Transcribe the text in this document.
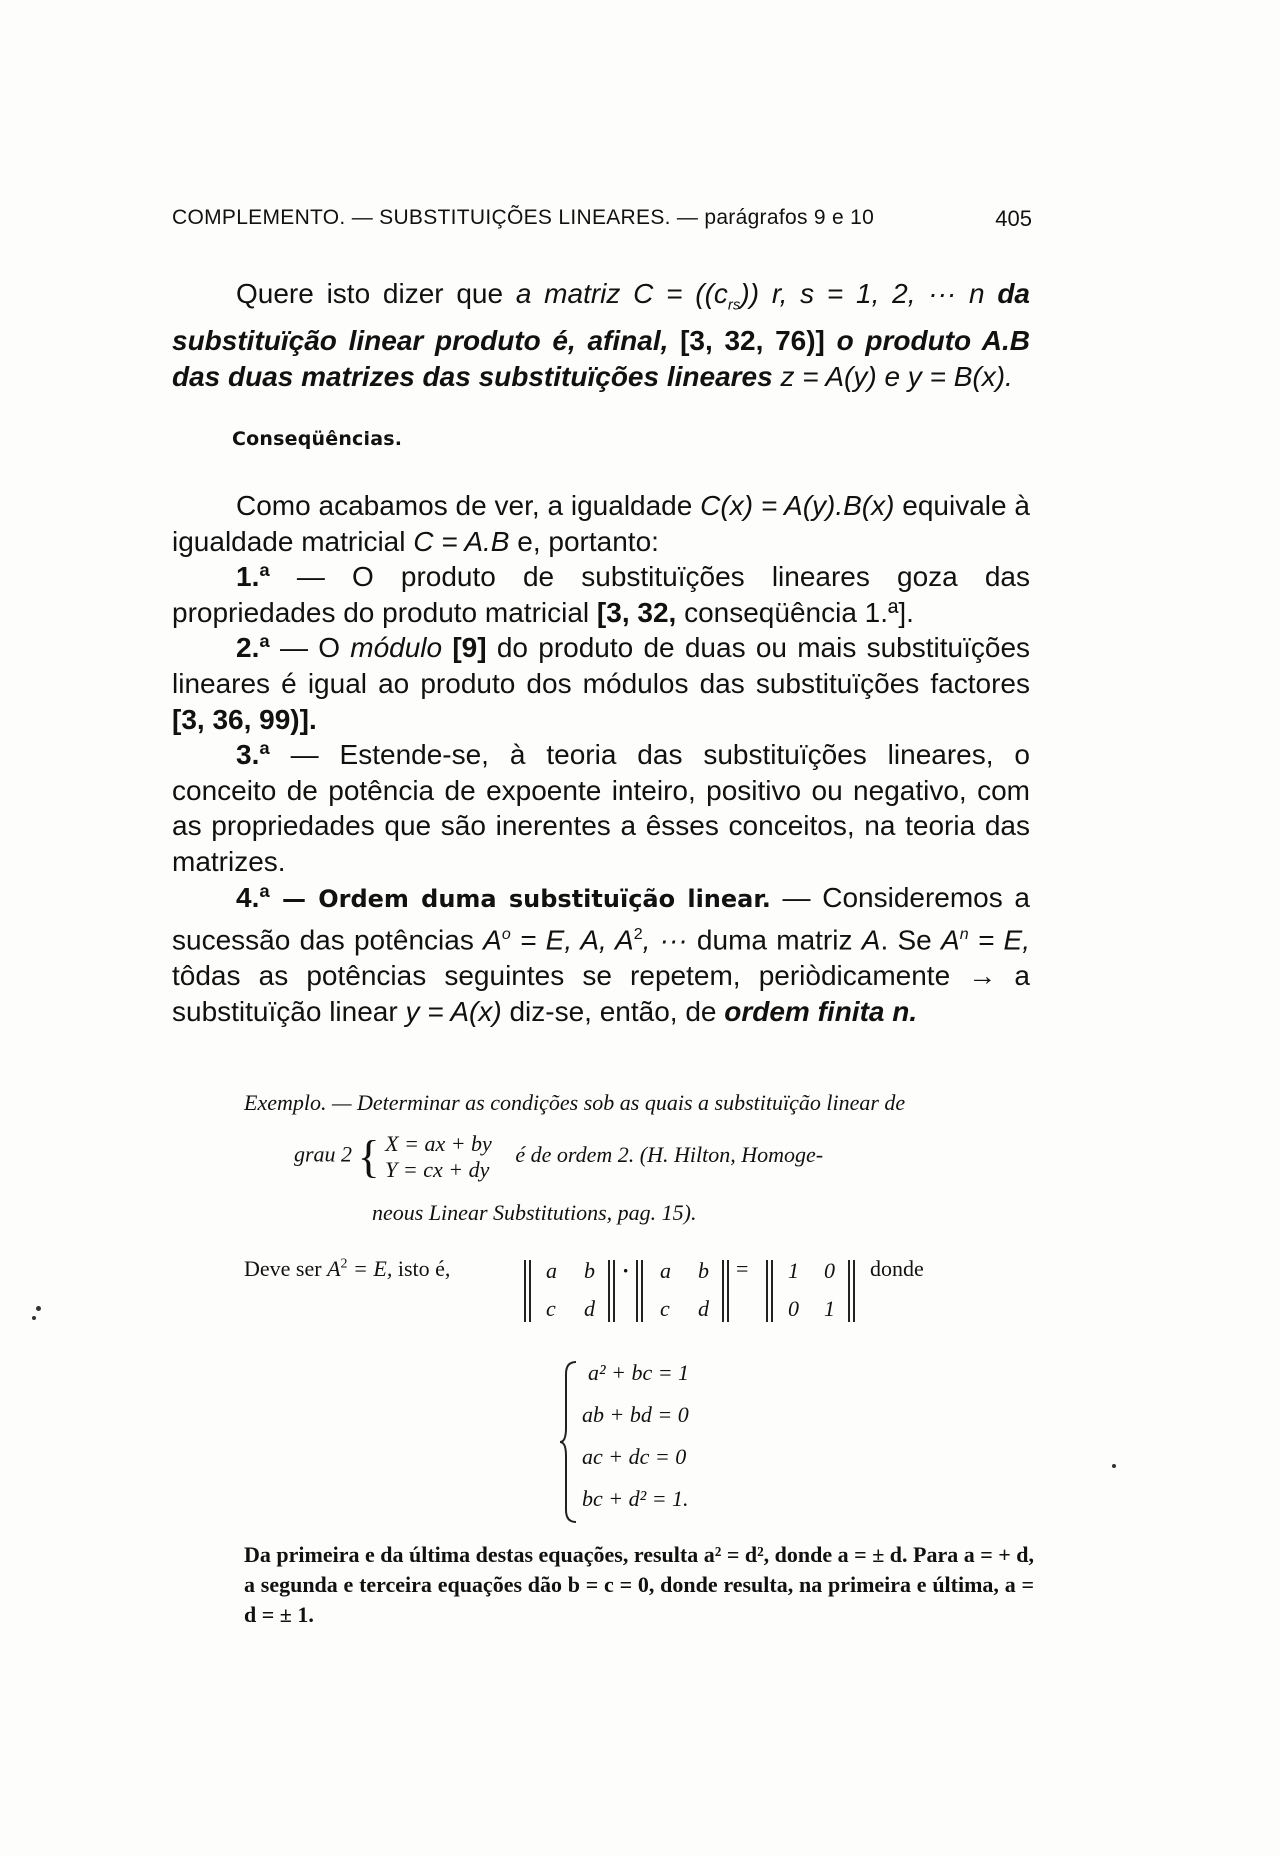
COMPLEMENTO. — SUBSTITUIÇÕES LINEARES. — parágrafos 9 e 10	405

Quere isto dizer que a matriz $C = ((c_{rs}))$ r, s = 1, 2, ··· n da substituïção linear produto é, afinal, [3, 32, 76)] o produto A.B das duas matrizes das substituïções lineares z = A(y) e y = B(x).

Conseqüências.

Como acabamos de ver, a igualdade C(x) = A(y).B(x) equivale à igualdade matricial C = A.B e, portanto:

1.ª — O produto de substituïções lineares goza das propriedades do produto matricial [3, 32, conseqüência 1.ª].

2.ª — O módulo [9] do produto de duas ou mais substituïções lineares é igual ao produto dos módulos das substituïções factores [3, 36, 99)].

3.ª — Estende-se, à teoria das substituïções lineares, o conceito de potência de expoente inteiro, positivo ou negativo, com as propriedades que são inerentes a êsses conceitos, na teoria das matrizes.

4.ª — Ordem duma substituïção linear. — Consideremos a sucessão das potências $A^o = E$, A, $A^2$, ··· duma matriz A. Se $A^n = E$, tôdas as potências seguintes se repetem, periòdicamente → a substituïção linear y = A(x) diz-se, então, de ordem finita n.

Exemplo. — Determinar as condições sob as quais a substituïção linear de
grau 2 { X = ax + by
Y = cx + dy
é de ordem 2. (H. Hilton, Homoge-
neous Linear Substitutions, pag. 15).
Deve ser $A^2 = E$, isto é,	a b
c d
· a b
c d
= 1 0
0 1
donde
a² + bc = 1
ab + bd = 0
ac + dc = 0
bc + d² = 1.
Da primeira e da última destas equações, resulta a² = d², donde a = ± d. Para a = + d, a segunda e terceira equações dão b = c = 0, donde resulta, na primeira e última, a = d = ± 1.
